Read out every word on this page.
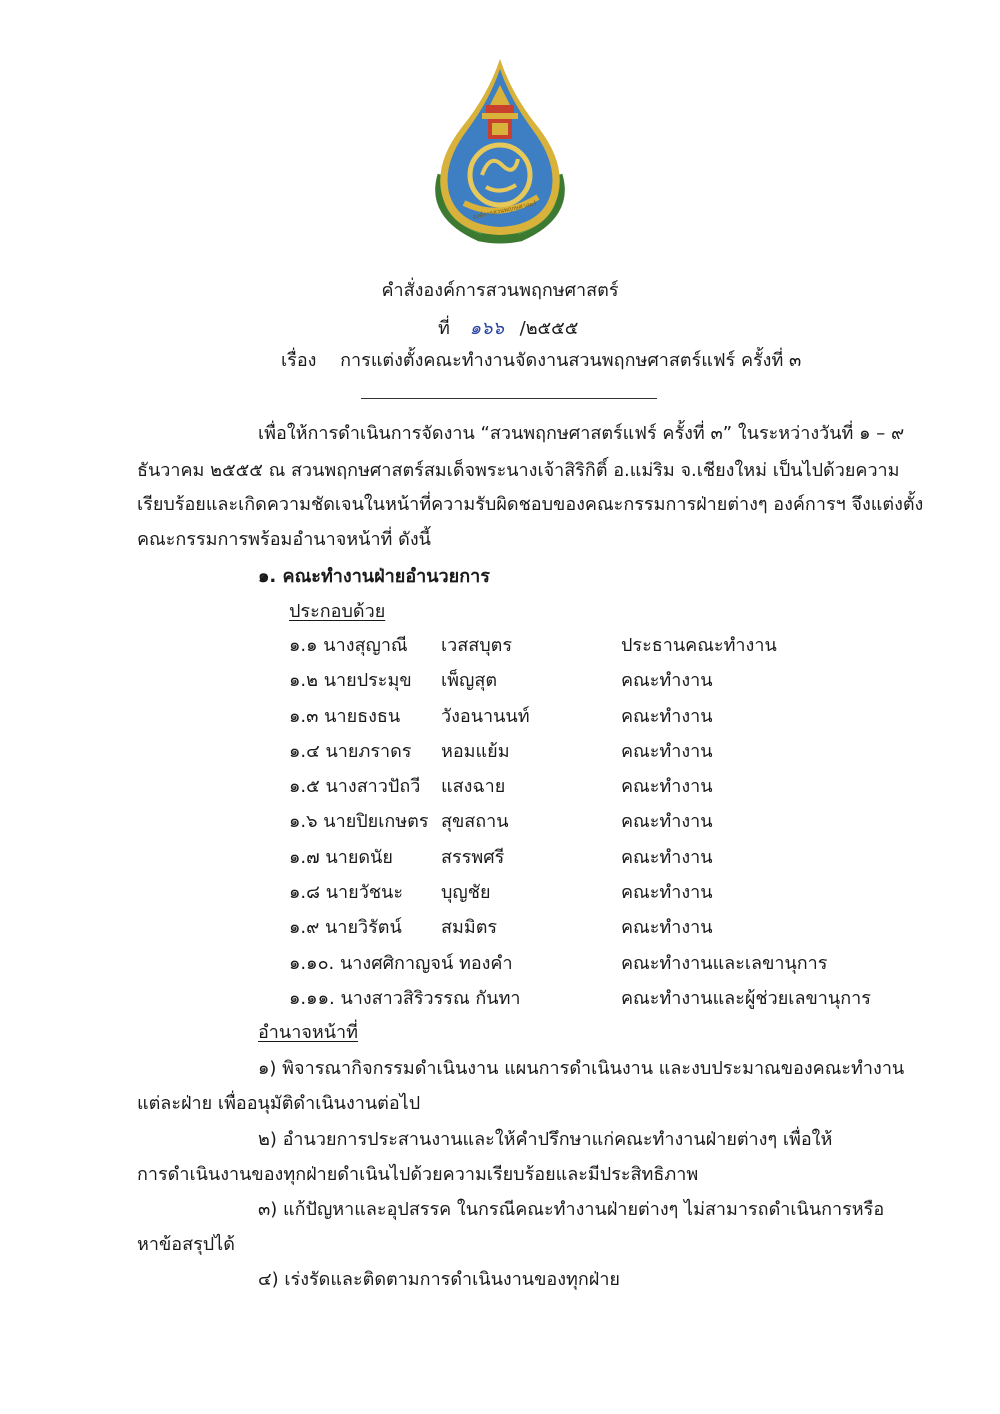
องค์การสวนพฤกษศาสตร์
คำสั่งองค์การสวนพฤกษศาสตร์
ที่ ๑๖๖ /๒๕๕๕
เรื่อง การแต่งตั้งคณะทำงานจัดงานสวนพฤกษศาสตร์แฟร์ ครั้งที่ ๓
เพื่อให้การดำเนินการจัดงาน “สวนพฤกษศาสตร์แฟร์ ครั้งที่ ๓” ในระหว่างวันที่ ๑ – ๙
ธันวาคม ๒๕๕๕ ณ สวนพฤกษศาสตร์สมเด็จพระนางเจ้าสิริกิติ์ อ.แม่ริม จ.เชียงใหม่ เป็นไปด้วยความ
เรียบร้อยและเกิดความชัดเจนในหน้าที่ความรับผิดชอบของคณะกรรมการฝ่ายต่างๆ องค์การฯ จึงแต่งตั้ง
คณะกรรมการพร้อมอำนาจหน้าที่ ดังนี้
๑. คณะทำงานฝ่ายอำนวยการ
ประกอบด้วย
๑.๑ นางสุญาณี เวสสบุตร	ประธานคณะทำงาน
๑.๒ นายประมุข เพ็ญสุต	คณะทำงาน
๑.๓ นายธงธน วังอนานนท์	คณะทำงาน
๑.๔ นายภราดร หอมแย้ม	คณะทำงาน
๑.๕ นางสาวปัถวี แสงฉาย	คณะทำงาน
๑.๖ นายปิยเกษตร สุขสถาน	คณะทำงาน
๑.๗ นายดนัย	สรรพศรี	คณะทำงาน
๑.๘ นายวัชนะ บุญชัย	คณะทำงาน
๑.๙ นายวิรัตน์ สมมิตร	คณะทำงาน
๑.๑๐. นางศศิกาญจน์ ทองคำ	คณะทำงานและเลขานุการ
๑.๑๑. นางสาวสิริวรรณ กันทา	คณะทำงานและผู้ช่วยเลขานุการ
อำนาจหน้าที่
๑) พิจารณากิจกรรมดำเนินงาน แผนการดำเนินงาน และงบประมาณของคณะทำงาน
แต่ละฝ่าย เพื่ออนุมัติดำเนินงานต่อไป
๒) อำนวยการประสานงานและให้คำปรึกษาแก่คณะทำงานฝ่ายต่างๆ เพื่อให้
การดำเนินงานของทุกฝ่ายดำเนินไปด้วยความเรียบร้อยและมีประสิทธิภาพ
๓) แก้ปัญหาและอุปสรรค ในกรณีคณะทำงานฝ่ายต่างๆ ไม่สามารถดำเนินการหรือ
หาข้อสรุปได้
๔) เร่งรัดและติดตามการดำเนินงานของทุกฝ่าย
